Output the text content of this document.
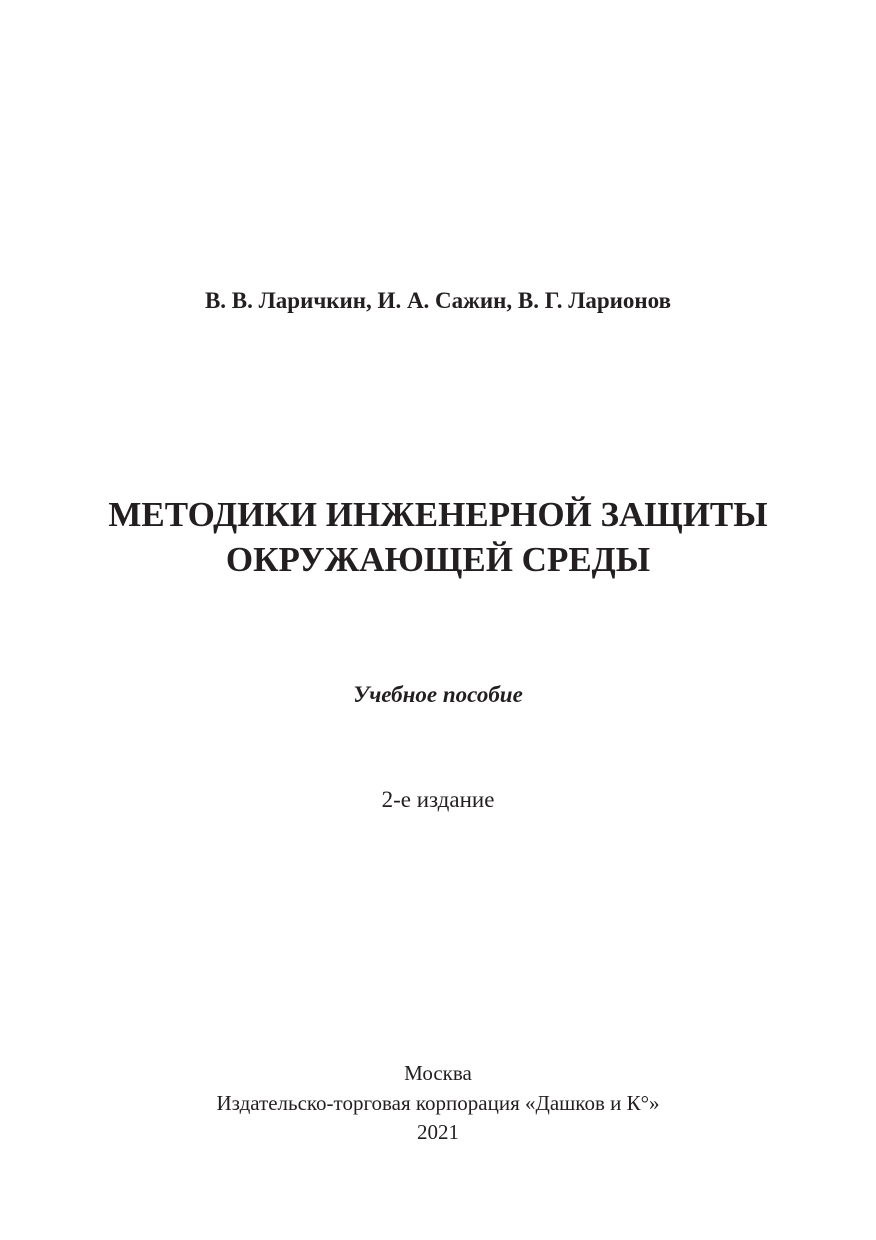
В. В. Ларичкин, И. А. Сажин, В. Г. Ларионов
МЕТОДИКИ ИНЖЕНЕРНОЙ ЗАЩИТЫ
ОКРУЖАЮЩЕЙ СРЕДЫ
Учебное пособие
2-е издание
Москва
Издательско-торговая корпорация «Дашков и К°»
2021
